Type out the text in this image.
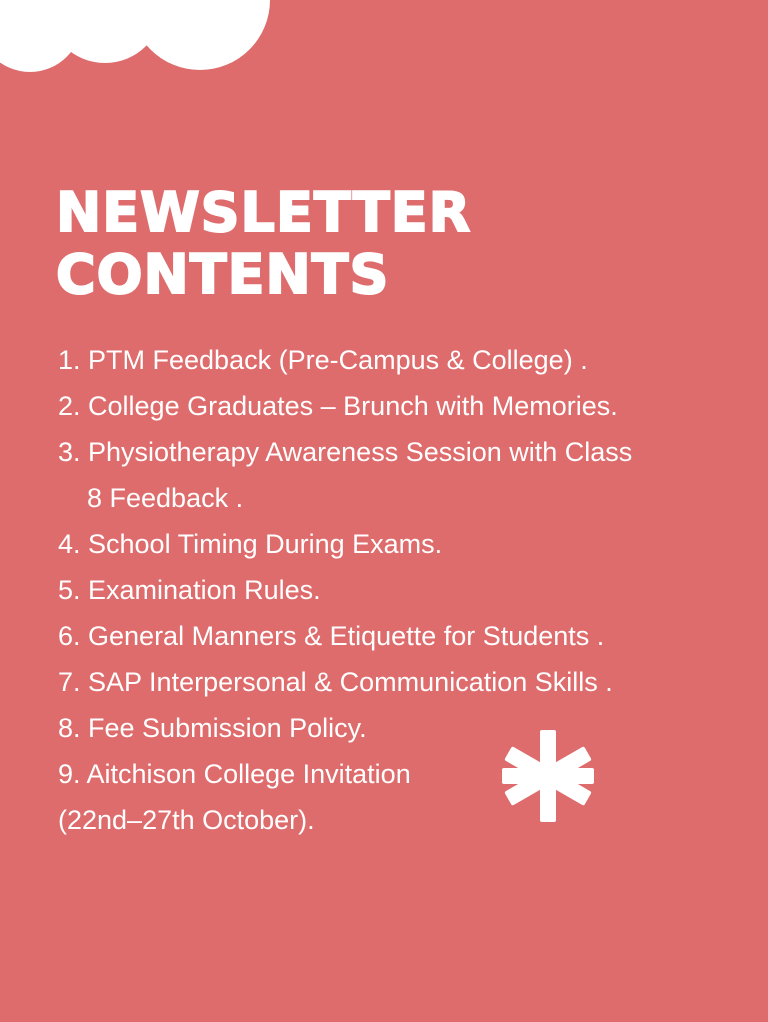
NEWSLETTER
CONTENTS
1. PTM Feedback (Pre-Campus & College) .
2. College Graduates – Brunch with Memories.
3. Physiotherapy Awareness Session with Class
8 Feedback .
4. School Timing During Exams.
5. Examination Rules.
6. General Manners & Etiquette for Students .
7. SAP Interpersonal & Communication Skills .
8. Fee Submission Policy.
9. Aitchison College Invitation
(22nd–27th October).
